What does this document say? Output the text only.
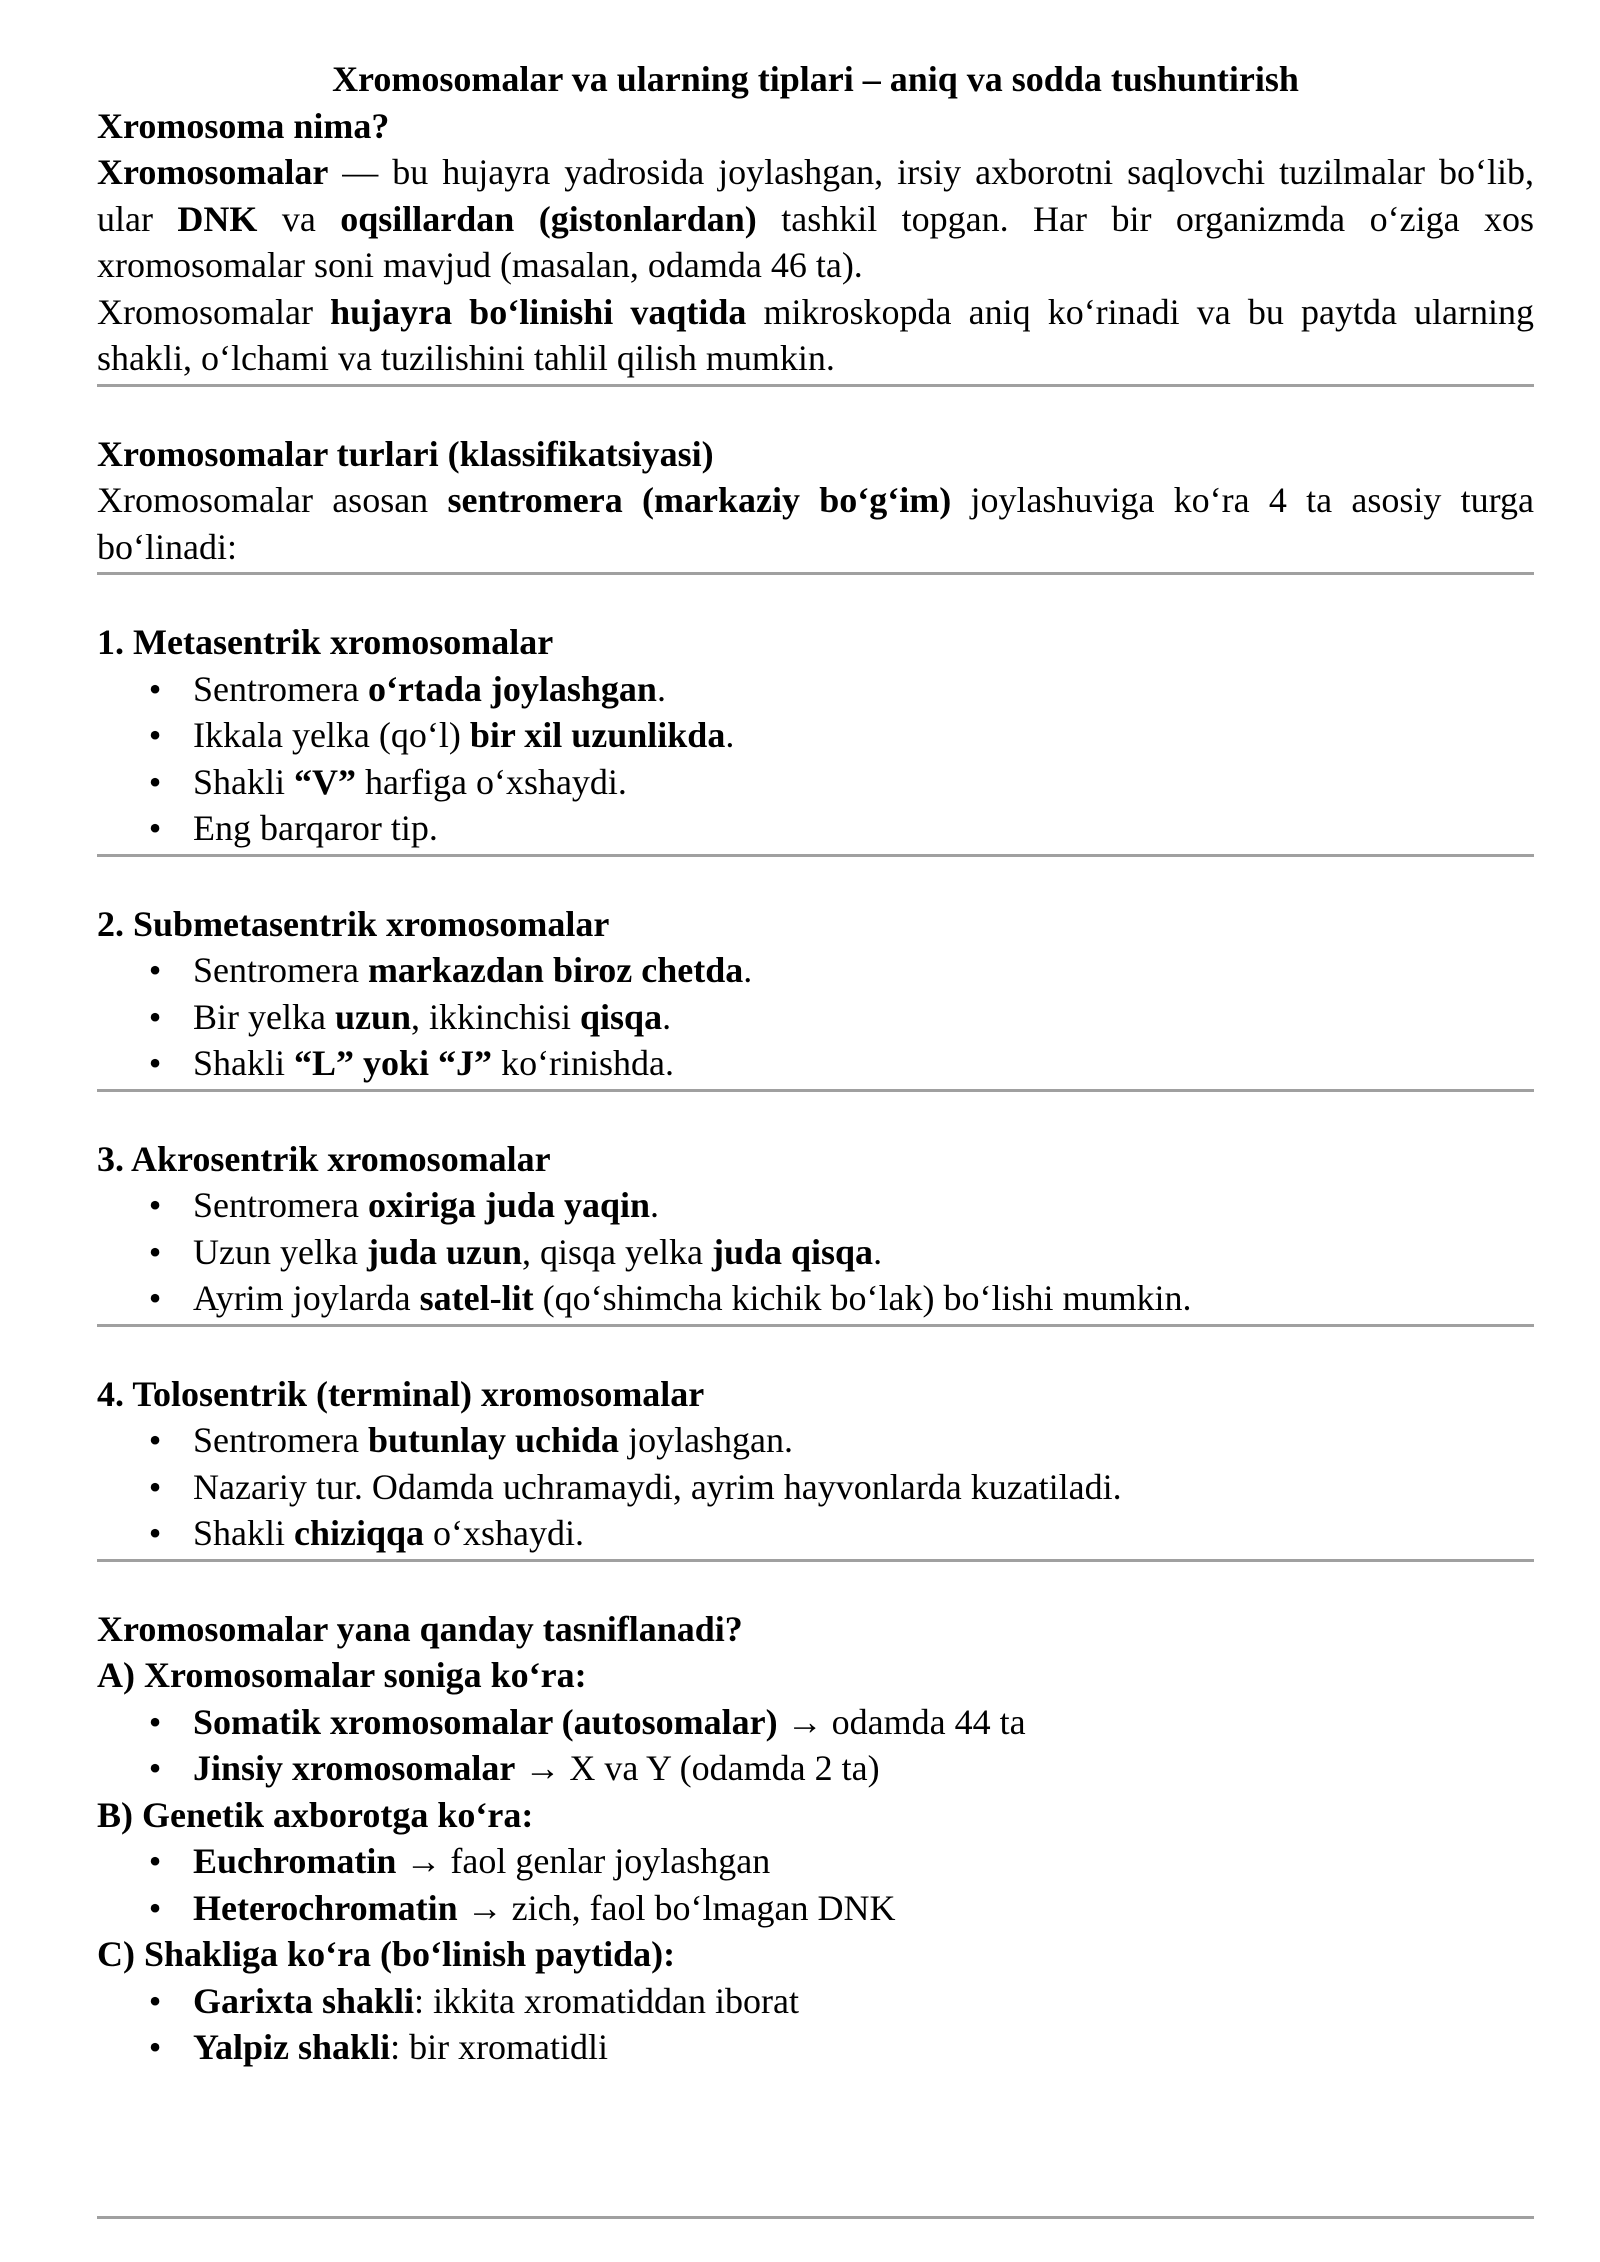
Xromosomalar va ularning tiplari – aniq va sodda tushuntirish

Xromosoma nima?

Xromosomalar — bu hujayra yadrosida joylashgan, irsiy axborotni saqlovchi tuzilmalar bo‘lib, ular DNK va oqsillardan (gistonlardan) tashkil topgan. Har bir organizmda o‘ziga xos xromosomalar soni mavjud (masalan, odamda 46 ta).

Xromosomalar hujayra bo‘linishi vaqtida mikroskopda aniq ko‘rinadi va bu paytda ularning shakli, o‘lchami va tuzilishini tahlil qilish mumkin.

Xromosomalar turlari (klassifikatsiyasi)

Xromosomalar asosan sentromera (markaziy bo‘g‘im) joylashuviga ko‘ra 4 ta asosiy turga bo‘linadi:

1. Metasentrik xromosomalar

• Sentromera o‘rtada joylashgan.
• Ikkala yelka (qo‘l) bir xil uzunlikda.
• Shakli “V” harfiga o‘xshaydi.
• Eng barqaror tip.

2. Submetasentrik xromosomalar

• Sentromera markazdan biroz chetda.
• Bir yelka uzun, ikkinchisi qisqa.
• Shakli “L” yoki “J” ko‘rinishda.

3. Akrosentrik xromosomalar

• Sentromera oxiriga juda yaqin.
• Uzun yelka juda uzun, qisqa yelka juda qisqa.
• Ayrim joylarda satel-lit (qo‘shimcha kichik bo‘lak) bo‘lishi mumkin.

4. Tolosentrik (terminal) xromosomalar

• Sentromera butunlay uchida joylashgan.
• Nazariy tur. Odamda uchramaydi, ayrim hayvonlarda kuzatiladi.
• Shakli chiziqqa o‘xshaydi.

Xromosomalar yana qanday tasniflanadi?

A) Xromosomalar soniga ko‘ra:

• Somatik xromosomalar (autosomalar) → odamda 44 ta
• Jinsiy xromosomalar → X va Y (odamda 2 ta)

B) Genetik axborotga ko‘ra:

• Euchromatin → faol genlar joylashgan
• Heterochromatin → zich, faol bo‘lmagan DNK

C) Shakliga ko‘ra (bo‘linish paytida):

• Garixta shakli: ikkita xromatiddan iborat
• Yalpiz shakli: bir xromatidli
